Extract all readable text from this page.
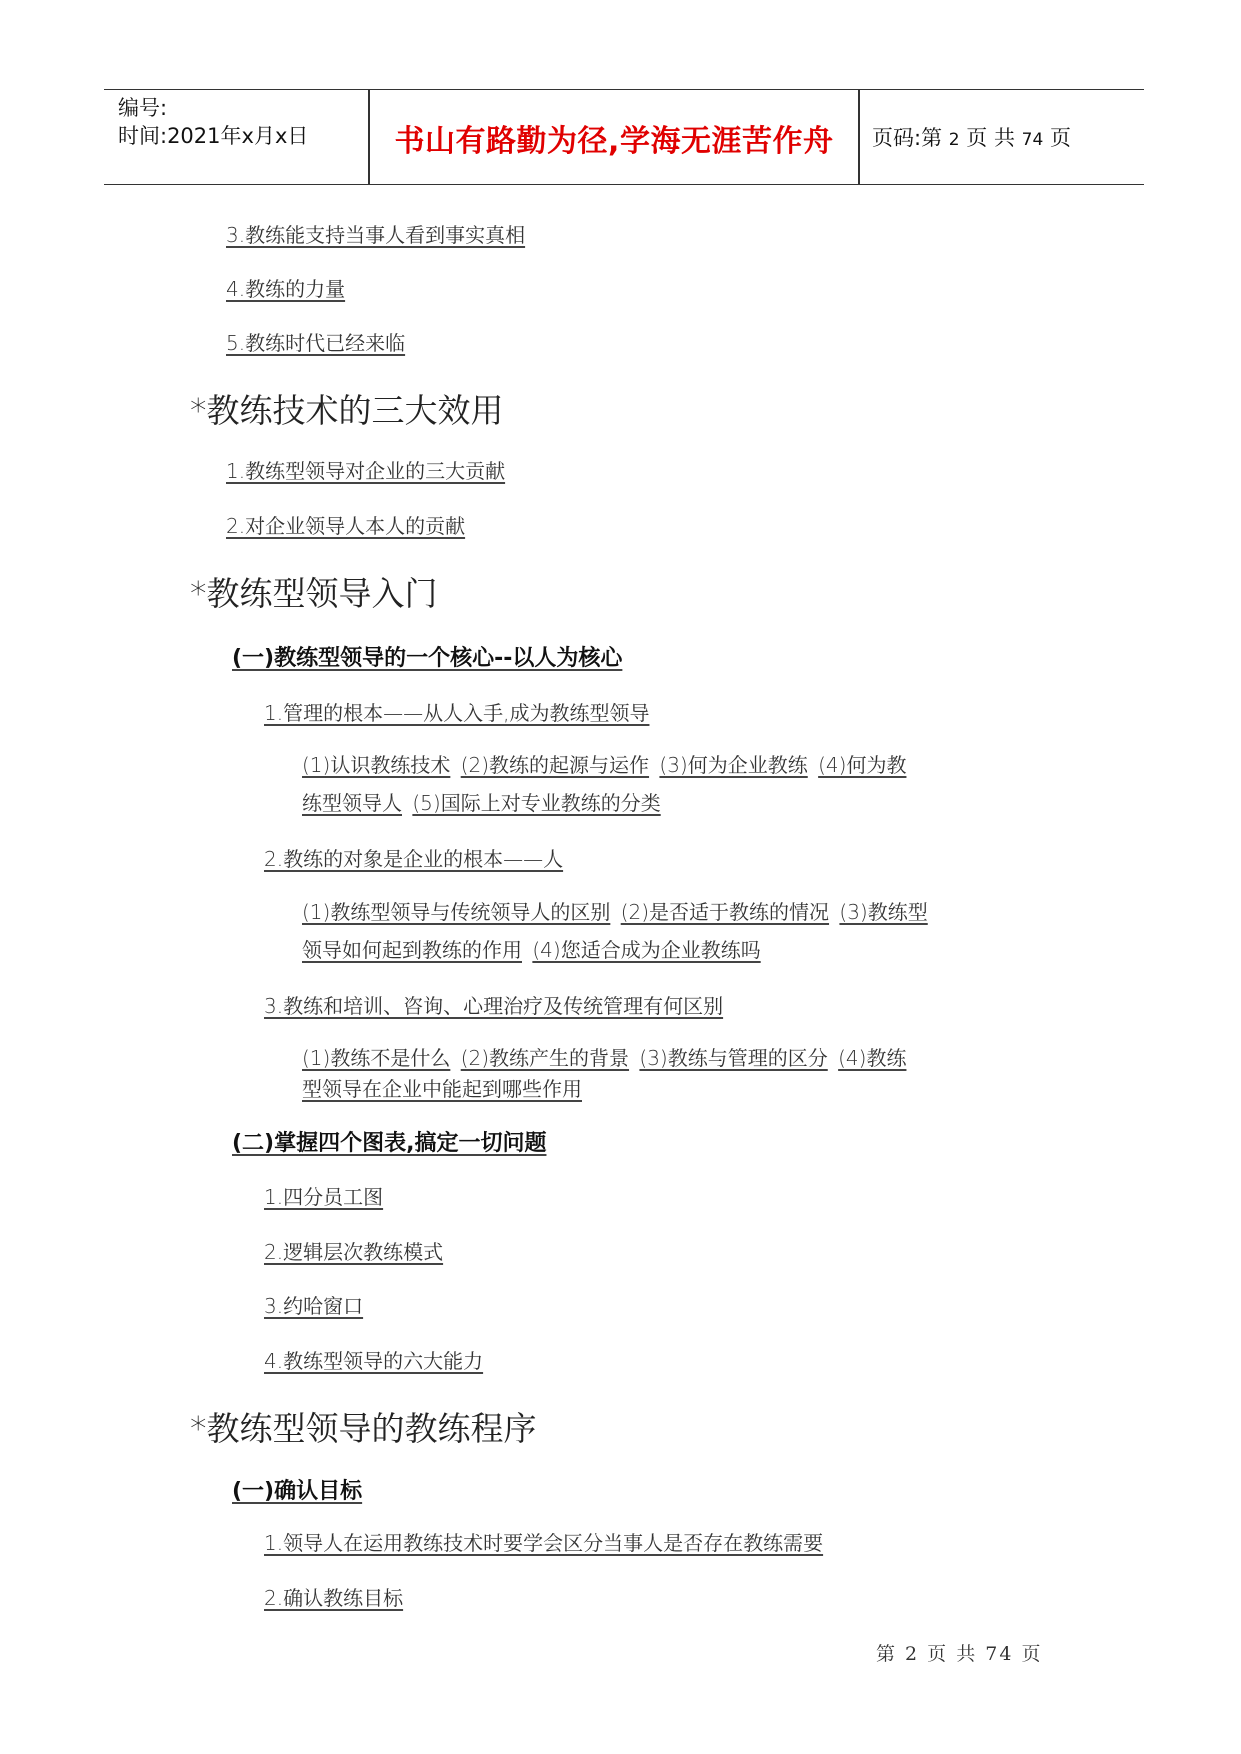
编号:
时间:2021年x月x日	书山有路勤为径,学海无涯苦作舟	页码:第 2 页 共 74 页
3.教练能支持当事人看到事实真相
4.教练的力量
5.教练时代已经来临
*教练技术的三大效用
1.教练型领导对企业的三大贡献
2.对企业领导人本人的贡献
*教练型领导入门
(一)教练型领导的一个核心--以人为核心
1.管理的根本——从人入手,成为教练型领导
(1)认识教练技术 (2)教练的起源与运作 (3)何为企业教练 (4)何为教
练型领导人 (5)国际上对专业教练的分类
2.教练的对象是企业的根本——人
(1)教练型领导与传统领导人的区别 (2)是否适于教练的情况 (3)教练型
领导如何起到教练的作用 (4)您适合成为企业教练吗
3.教练和培训、咨询、心理治疗及传统管理有何区别
(1)教练不是什么 (2)教练产生的背景 (3)教练与管理的区分 (4)教练
型领导在企业中能起到哪些作用
(二)掌握四个图表,搞定一切问题
1.四分员工图
2.逻辑层次教练模式
3.约哈窗口
4.教练型领导的六大能力
*教练型领导的教练程序
(一)确认目标
1.领导人在运用教练技术时要学会区分当事人是否存在教练需要
2.确认教练目标
第 2 页 共 74 页
